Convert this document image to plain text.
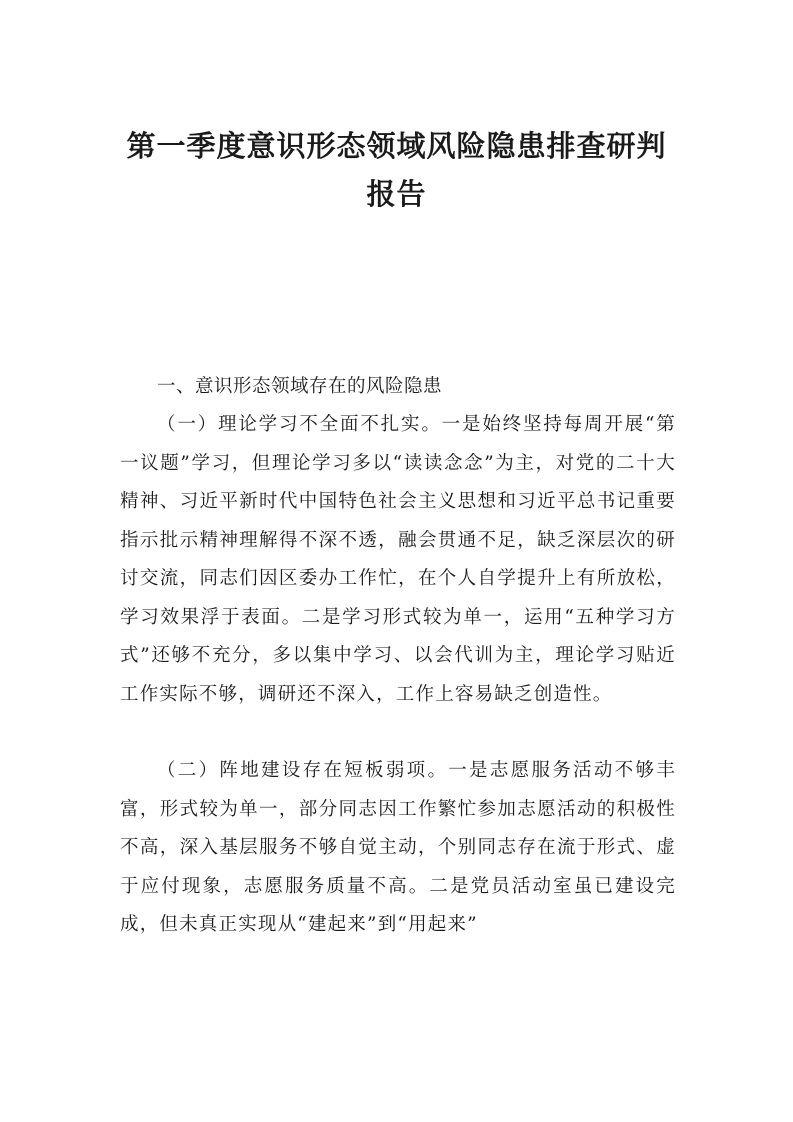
第一季度意识形态领域风险隐患排查研判
报告

一、意识形态领域存在的风险隐患

（一）理论学习不全面不扎实。一是始终坚持每周开展“第一议题”学习，但理论学习多以“读读念念”为主，对党的二十大精神、习近平新时代中国特色社会主义思想和习近平总书记重要指示批示精神理解得不深不透，融会贯通不足，缺乏深层次的研讨交流，同志们因区委办工作忙，在个人自学提升上有所放松，学习效果浮于表面。二是学习形式较为单一，运用“五种学习方式”还够不充分，多以集中学习、以会代训为主，理论学习贴近工作实际不够，调研还不深入，工作上容易缺乏创造性。

（二）阵地建设存在短板弱项。一是志愿服务活动不够丰富，形式较为单一，部分同志因工作繁忙参加志愿活动的积极性不高，深入基层服务不够自觉主动，个别同志存在流于形式、虚于应付现象，志愿服务质量不高。二是党员活动室虽已建设完成，但未真正实现从“建起来”到“用起来”
